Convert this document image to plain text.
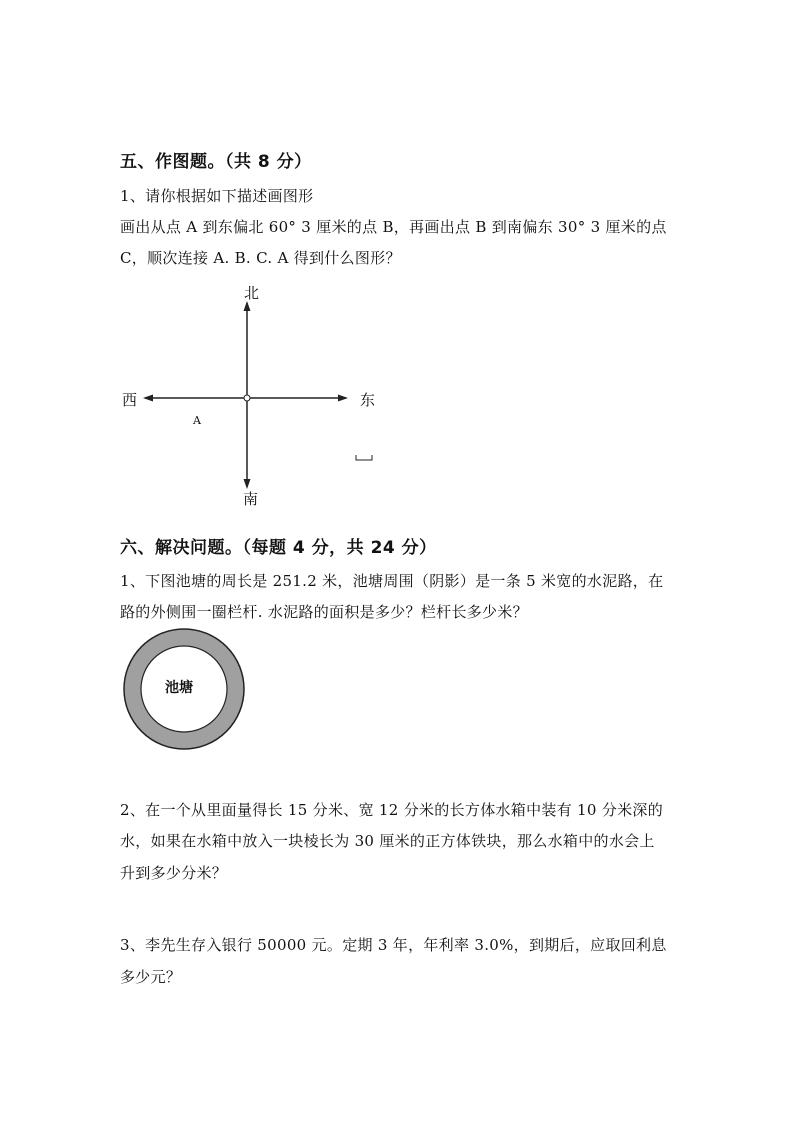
五、作图题。（共 8 分）
1、请你根据如下描述画图形
画出从点 A 到东偏北 60° 3 厘米的点 B，再画出点 B 到南偏东 30° 3 厘米的点
C，顺次连接 A. B. C. A 得到什么图形？
北
南
东
西
A
六、解决问题。（每题 4 分，共 24 分）
1、下图池塘的周长是 251.2 米，池塘周围（阴影）是一条 5 米宽的水泥路，在
路的外侧围一圈栏杆. 水泥路的面积是多少？栏杆长多少米？
池塘
2、在一个从里面量得长 15 分米、宽 12 分米的长方体水箱中装有 10 分米深的
水，如果在水箱中放入一块棱长为 30 厘米的正方体铁块，那么水箱中的水会上
升到多少分米？
3、李先生存入银行 50000 元。定期 3 年，年利率 3.0%，到期后，应取回利息
多少元？
